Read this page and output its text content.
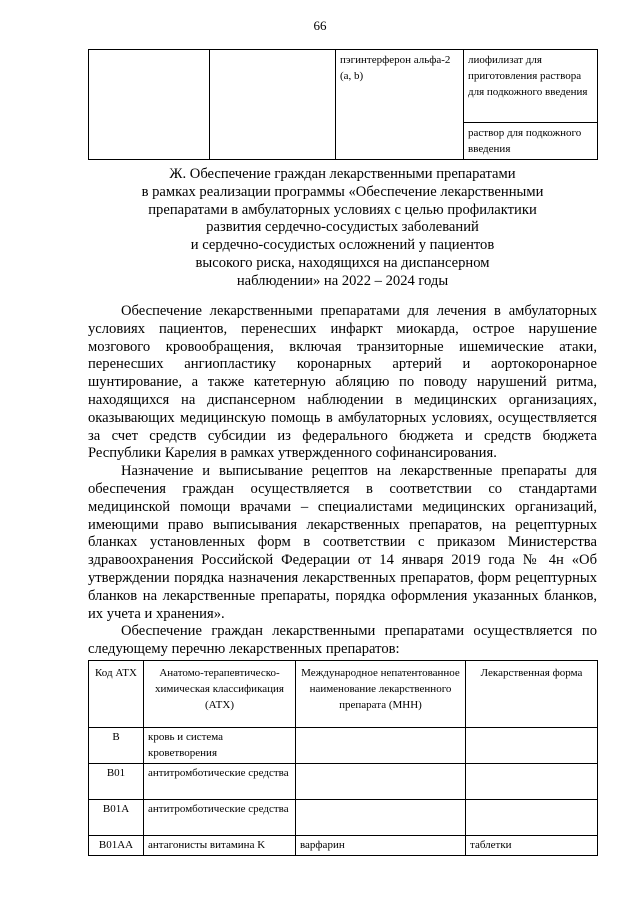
66
		пэгинтерферон альфа-2 (a, b)	лиофилизат для приготовления раствора для подкожного введения
раствор для подкожного введения
Ж. Обеспечение граждан лекарственными препаратами
в рамках реализации программы «Обеспечение лекарственными
препаратами в амбулаторных условиях с целью профилактики
развития сердечно-сосудистых заболеваний
и сердечно-сосудистых осложнений у пациентов
высокого риска, находящихся на диспансерном
наблюдении» на 2022 – 2024 годы

Обеспечение лекарственными препаратами для лечения в амбулаторных условиях пациентов, перенесших инфаркт миокарда, острое нарушение мозгового кровообращения, включая транзиторные ишемические атаки, перенесших ангиопластику коронарных артерий и аортокоронарное шунтирование, а также катетерную абляцию по поводу нарушений ритма, находящихся на диспансерном наблюдении в медицинских организациях, оказывающих медицинскую помощь в амбулаторных условиях, осуществляется за счет средств субсидии из федерального бюджета и средств бюджета Республики Карелия в рамках утвержденного софинансирования.

Назначение и выписывание рецептов на лекарственные препараты для обеспечения граждан осуществляется в соответствии со стандартами медицинской помощи врачами – специалистами медицинских организаций, имеющими право выписывания лекарственных препаратов, на рецептурных бланках установленных форм в соответствии с приказом Министерства здравоохранения Российской Федерации от 14 января 2019 года № 4н «Об утверждении порядка назначения лекарственных препаратов, форм рецептурных бланков на лекарственные препараты, порядка оформления указанных бланков, их учета и хранения».

Обеспечение граждан лекарственными препаратами осуществляется по следующему перечню лекарственных препаратов:

Код АТХ	Анатомо-терапевтическо-химическая классификация (АТХ)	Международное непатентованное наименование лекарственного препарата (МНН)	Лекарственная форма
B	кровь и система кроветворения		
B01	антитромботические средства		
B01A	антитромботические средства		
B01AA	антагонисты витамина K	варфарин	таблетки
